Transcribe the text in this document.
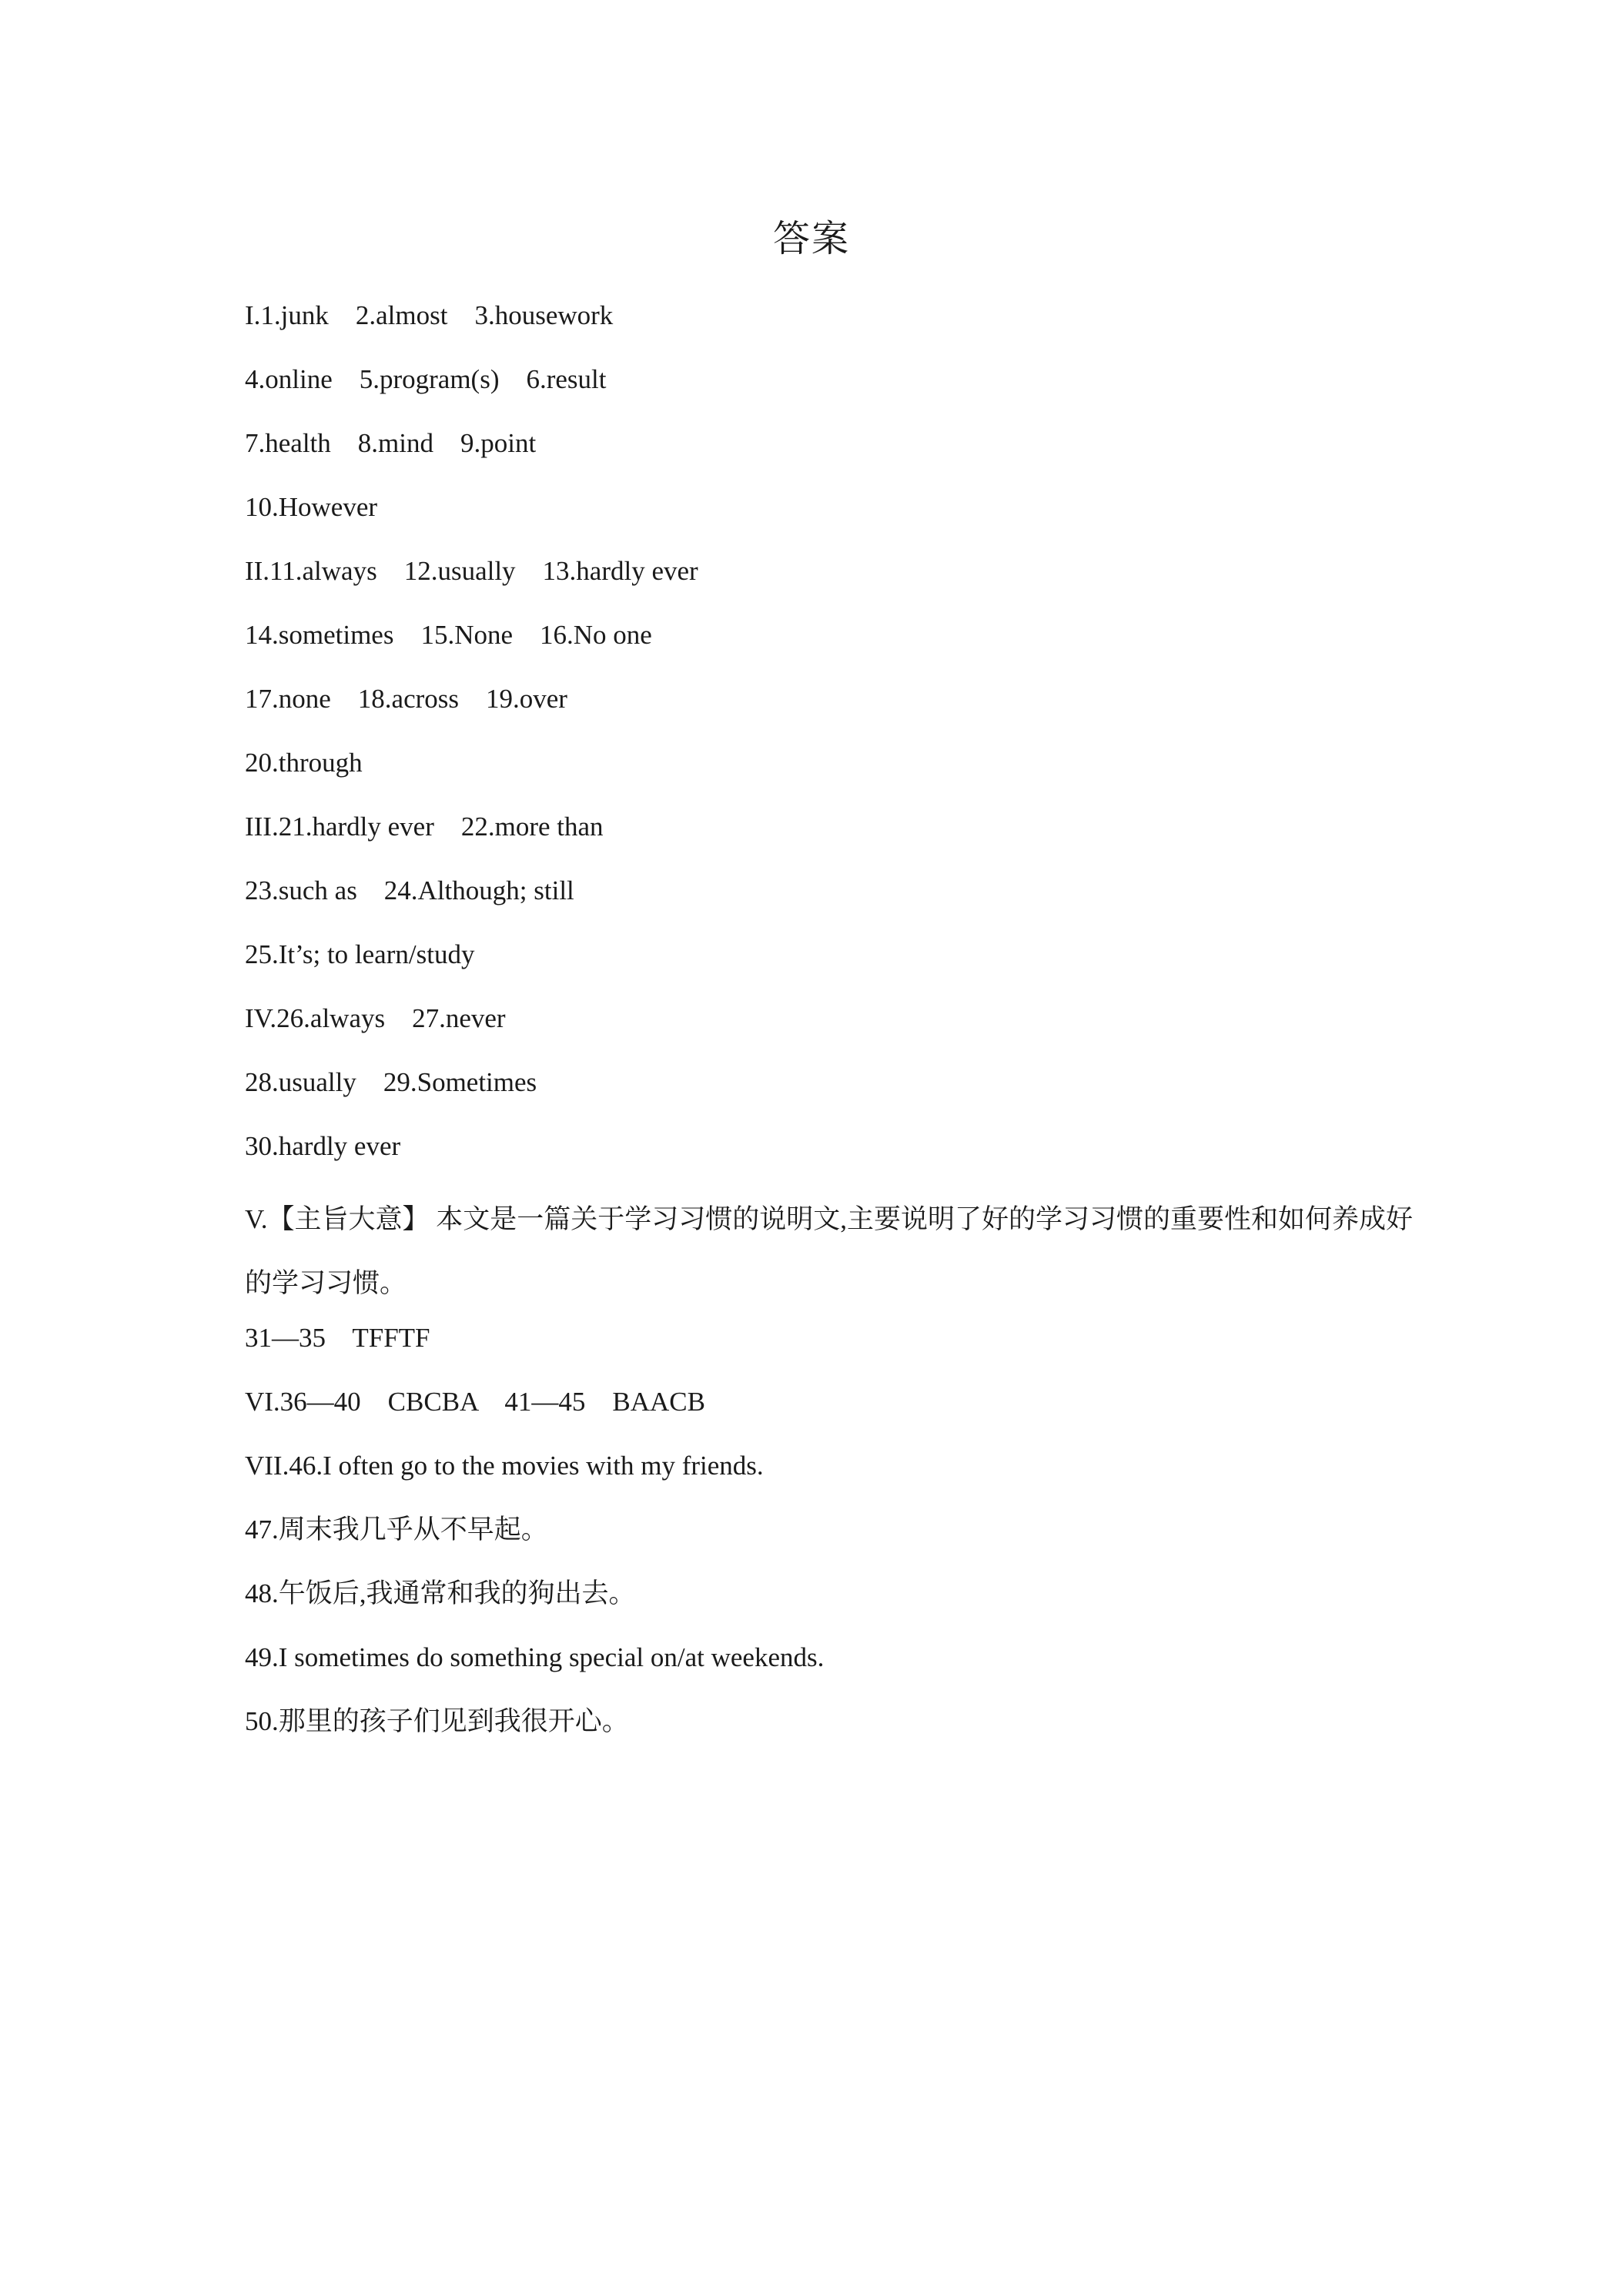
答案
I.1.junk    2.almost    3.housework
4.online    5.program(s)    6.result
7.health    8.mind    9.point
10.However
II.11.always    12.usually    13.hardly ever
14.sometimes    15.None    16.No one
17.none    18.across    19.over
20.through
III.21.hardly ever    22.more than
23.such as    24.Although; still
25.It’s; to learn/study
IV.26.always    27.never
28.usually    29.Sometimes
30.hardly ever
V.【主旨大意】 本文是一篇关于学习习惯的说明文,主要说明了好的学习习惯的重要性和如何养成好的学习习惯。
31—35    TFFTF
VI.36—40    CBCBA    41—45    BAACB
VII.46.I often go to the movies with my friends.
47.周末我几乎从不早起。
48.午饭后,我通常和我的狗出去。
49.I sometimes do something special on/at weekends.
50.那里的孩子们见到我很开心。
